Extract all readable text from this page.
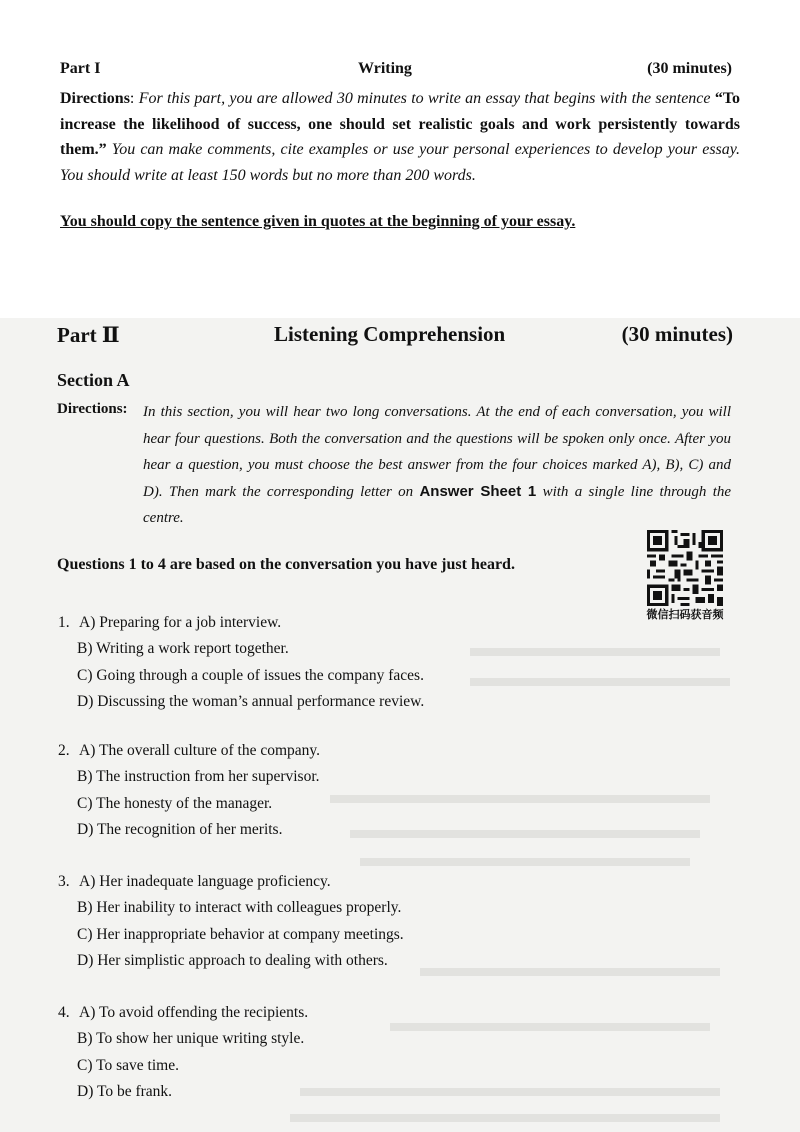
Part I	Writing	(30 minutes)
Directions: For this part, you are allowed 30 minutes to write an essay that begins with the sentence “To increase the likelihood of success, one should set realistic goals and work persistently towards them.” You can make comments, cite examples or use your personal experiences to develop your essay. You should write at least 150 words but no more than 200 words.
You should copy the sentence given in quotes at the beginning of your essay.
Part Ⅱ	Listening Comprehension	(30 minutes)
Section A
Directions: In this section, you will hear two long conversations. At the end of each conversation, you will hear four questions. Both the conversation and the questions will be spoken only once. After you hear a question, you must choose the best answer from the four choices marked A), B), C) and D). Then mark the corresponding letter on Answer Sheet 1 with a single line through the centre.
Questions 1 to 4 are based on the conversation you have just heard.
微信扫码获音频
1. A) Preparing for a job interview.
B) Writing a work report together.
C) Going through a couple of issues the company faces.
D) Discussing the woman’s annual performance review.
2. A) The overall culture of the company.
B) The instruction from her supervisor.
C) The honesty of the manager.
D) The recognition of her merits.
3. A) Her inadequate language proficiency.
B) Her inability to interact with colleagues properly.
C) Her inappropriate behavior at company meetings.
D) Her simplistic approach to dealing with others.
4. A) To avoid offending the recipients.
B) To show her unique writing style.
C) To save time.
D) To be frank.
